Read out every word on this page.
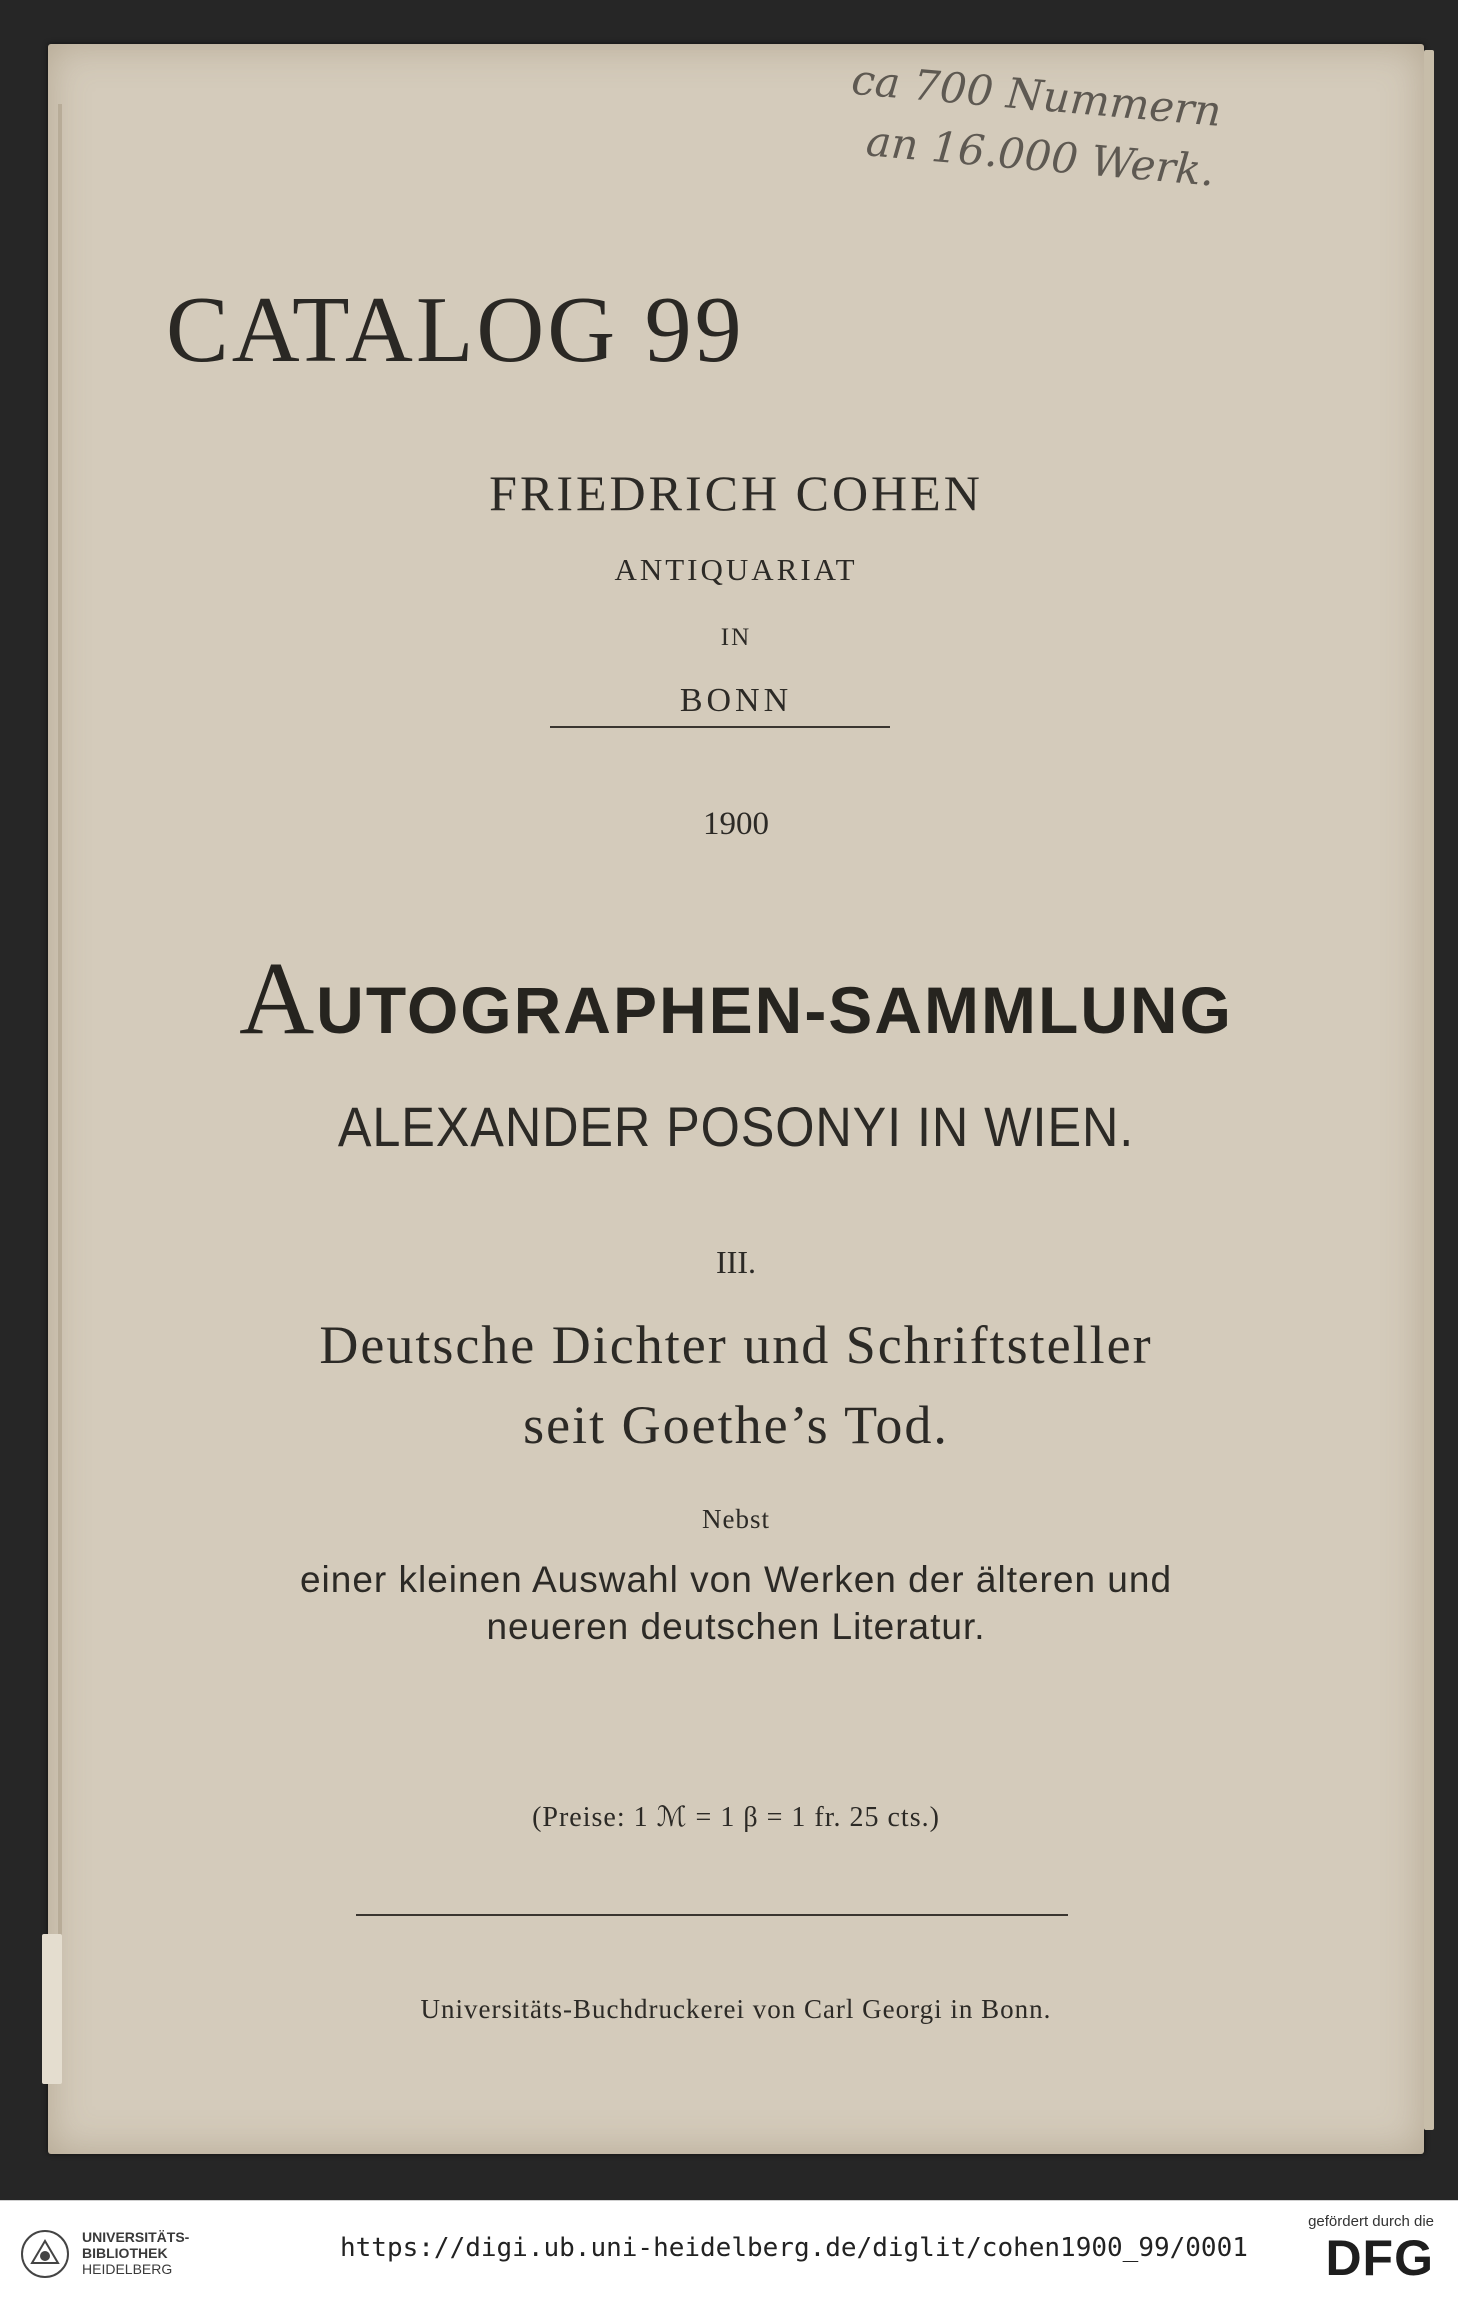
ca 700 Nummern
an 16.000 Werk.
CATALOG 99
FRIEDRICH COHEN
ANTIQUARIAT
IN
BONN
1900
AUTOGRAPHEN-SAMMLUNG
ALEXANDER POSONYI IN WIEN.
III.
Deutsche Dichter und Schriftsteller
seit Goethe’s Tod.
Nebst
einer kleinen Auswahl von Werken der älteren und
neueren deutschen Literatur.
(Preise: 1 ℳ = 1 β = 1 fr. 25 cts.)
Universitäts-Buchdruckerei von Carl Georgi in Bonn.
UNIVERSITÄTS-
BIBLIOTHEK
HEIDELBERG
https://digi.ub.uni-heidelberg.de/diglit/cohen1900_99/0001
gefördert durch die
DFG
